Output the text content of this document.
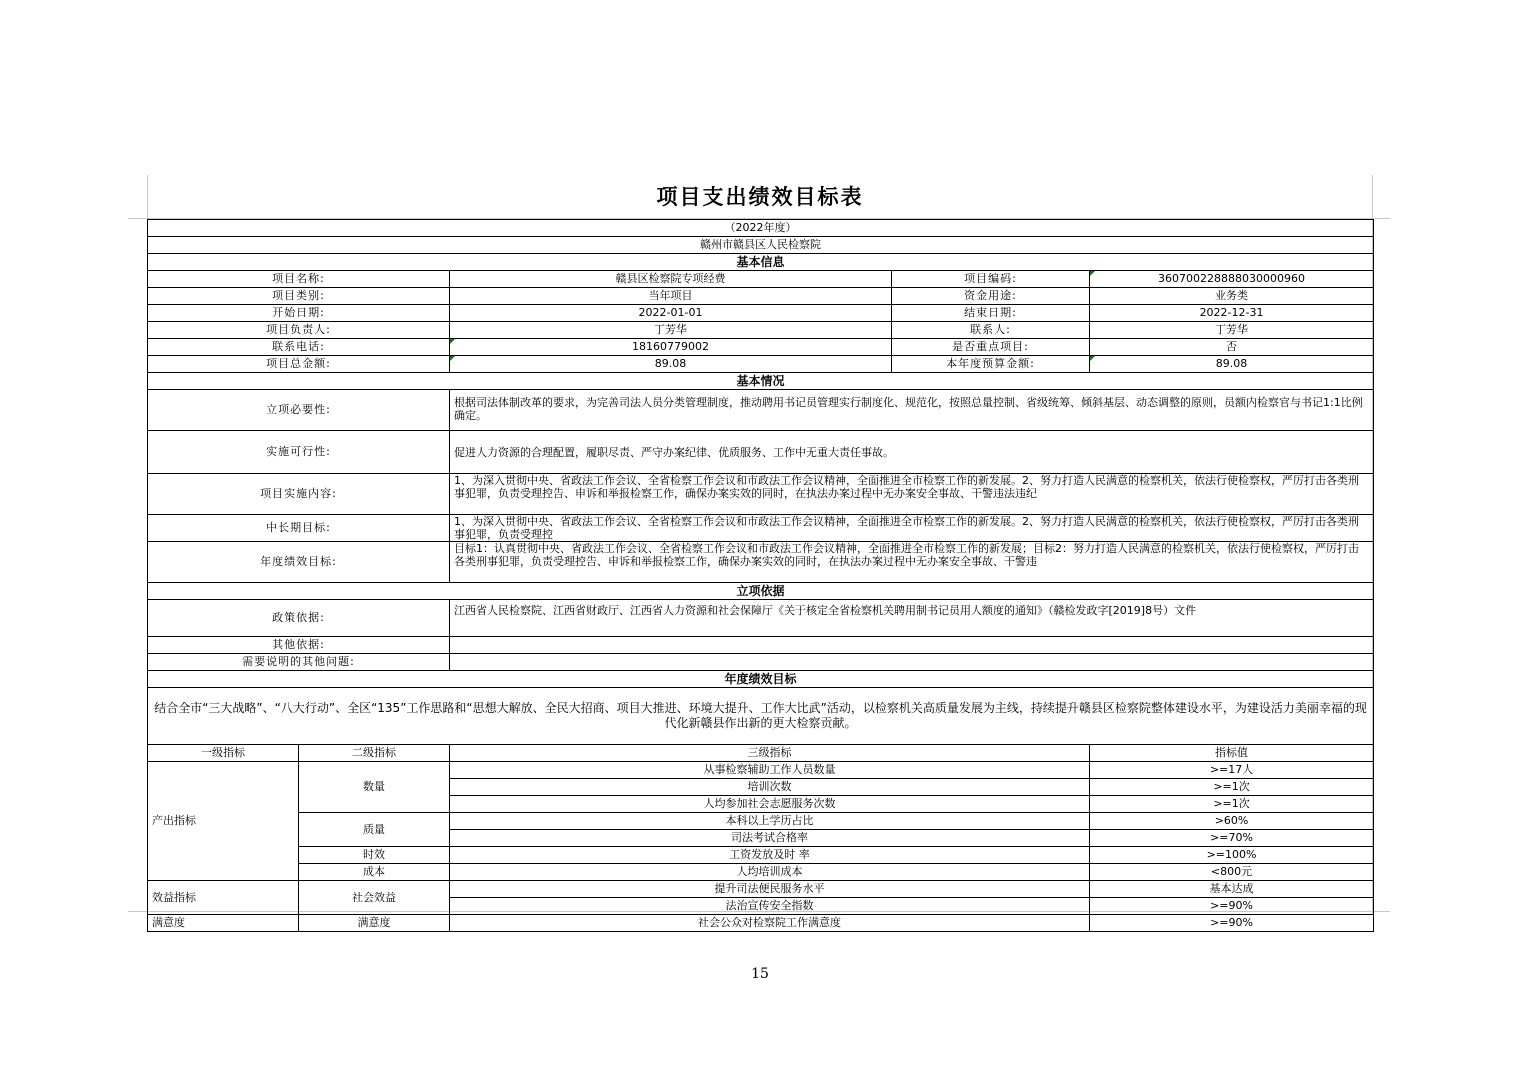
项目支出绩效目标表
（2022年度）				
赣州市赣县区人民检察院				
基本信息				
项目名称:		赣县区检察院专项经费	项目编码:	36070022888803000096​0
项目类别:		当年项目	资金用途:	业务类
开始日期:		2022-01-01	结束日期:	2022-12-31
项目负责人:		丁芳华	联系人:	丁芳华
联系电话:		18160779002	是否重点项目:	否
项目总金额:		89.08	本年度预算金额:	89.08
基本情况				
立项必要性:		根据司法体制改革的要求，为完善司法人员分类管理制度，推动聘用书记员管理实行制度化、规范化，按照总量控制、省级统筹、倾斜基层、动态调整的原则，员额内检察官与书记1:1比例确定。		
实施可行性:		促进人力资源的合理配置，履职尽责、严守办案纪律、优质服务、工作中无重大责任事故。		
项目实施内容:		1、为深入贯彻中央、省政法工作会议、全省检察工作会议和市政法工作会议精神，全面推进全市检察工作的新发展。2、努力打造人民满意的检察机关，依法行使检察权，严厉打击各类刑事犯罪，负责受理控告、申诉和举报检察工作，确保办案实效的同时，在执法办案过程中无办案安全事故、干警违法违纪		

中长期目标:		1、为深入贯彻中央、省政法工作会议、全省检察工作会议和市政法工作会议精神，全面推进全市检察工作的新发展。2、努力打造人民满意的检察机关，依法行使检察权，严厉打击各类刑事犯罪，负责受理控		

年度绩效目标:		目标1：认真贯彻中央、省政法工作会议、全省检察工作会议和市政法工作会议精神，全面推进全市检察工作的新发展；目标2：努力打造人民满意的检察机关，依法行使检察权，严厉打击各类刑事犯罪，负责受理控告、申诉和举报检察工作，确保办案实效的同时，在执法办案过程中无办案安全事故、干警违		

立项依据				
政策依据:		江西省人民检察院、江西省财政厅、江西省人力资源和社会保障厅《关于核定全省检察机关聘用制书记员用人额度的通知》（赣检发政字[2019]8号）文件		
其他依据:				
需要说明的其他问题:				
年度绩效目标				
结合全市“三大战略”、“八大行动”、全区“135”工作思路和“思想大解放、全民大招商、项目大推进、环境大提升、工作大比武”活动，以检察机关高质量发展为主线，持续提升赣县区检察院整体建设水平，为建设活力美丽幸福的现代化新赣县作出新的更大检察贡献。				
一级指标	二级指标	三级指标		指标值
产出指标	数量	从事检察辅助工作人员数量		>=17人
		培训次数		>=1次
		人均参加社会志愿服务次数		>=1次
	质量	本科以上学历占比		>60%
		司法考试合格率		>=70%
	时效	工资发放及时 率		>=100%
	成本	人均培训成本		<800元
效益指标	社会效益	提升司法便民服务水平		基本达成
		法治宣传安全指数		>=90%
满意度	满意度	社会公众对检察院工作满意度		>=90%
15
